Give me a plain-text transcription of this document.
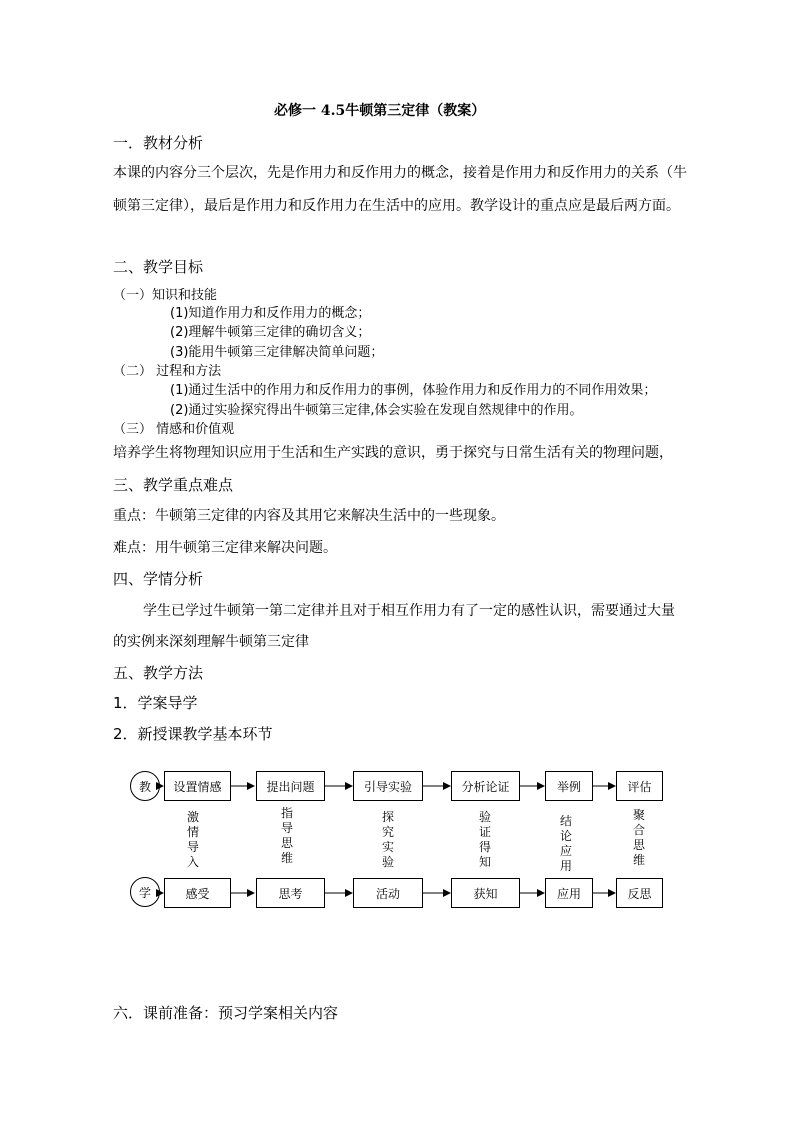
必修一 4.5牛顿第三定律（教案）
一．教材分析
本课的内容分三个层次，先是作用力和反作用力的概念，接着是作用力和反作用力的关系（牛
顿第三定律），最后是作用力和反作用力在生活中的应用。教学设计的重点应是最后两方面。
二、教学目标
（一）知识和技能
(1)知道作用力和反作用力的概念；
(2)理解牛顿第三定律的确切含义；
(3)能用牛顿第三定律解决简单问题；
（二） 过程和方法
(1)通过生活中的作用力和反作用力的事例，体验作用力和反作用力的不同作用效果；
(2)通过实验探究得出牛顿第三定律,体会实验在发现自然规律中的作用。
（三） 情感和价值观
培养学生将物理知识应用于生活和生产实践的意识，勇于探究与日常生活有关的物理问题，
三、教学重点难点
重点：牛顿第三定律的内容及其用它来解决生活中的一些现象。
难点：用牛顿第三定律来解决问题。
四、学情分析
学生已学过牛顿第一第二定律并且对于相互作用力有了一定的感性认识，需要通过大量
的实例来深刻理解牛顿第三定律
五、教学方法
1．学案导学
2．新授课教学基本环节
教
学
设置情感	提出问题	引导实验	分析论证	举例	评估
激情导入
指导思维
探究实验
验证得知
结论应用
聚合思维
感受	思考	活动	获知	应用	反思
六．课前准备：预习学案相关内容
